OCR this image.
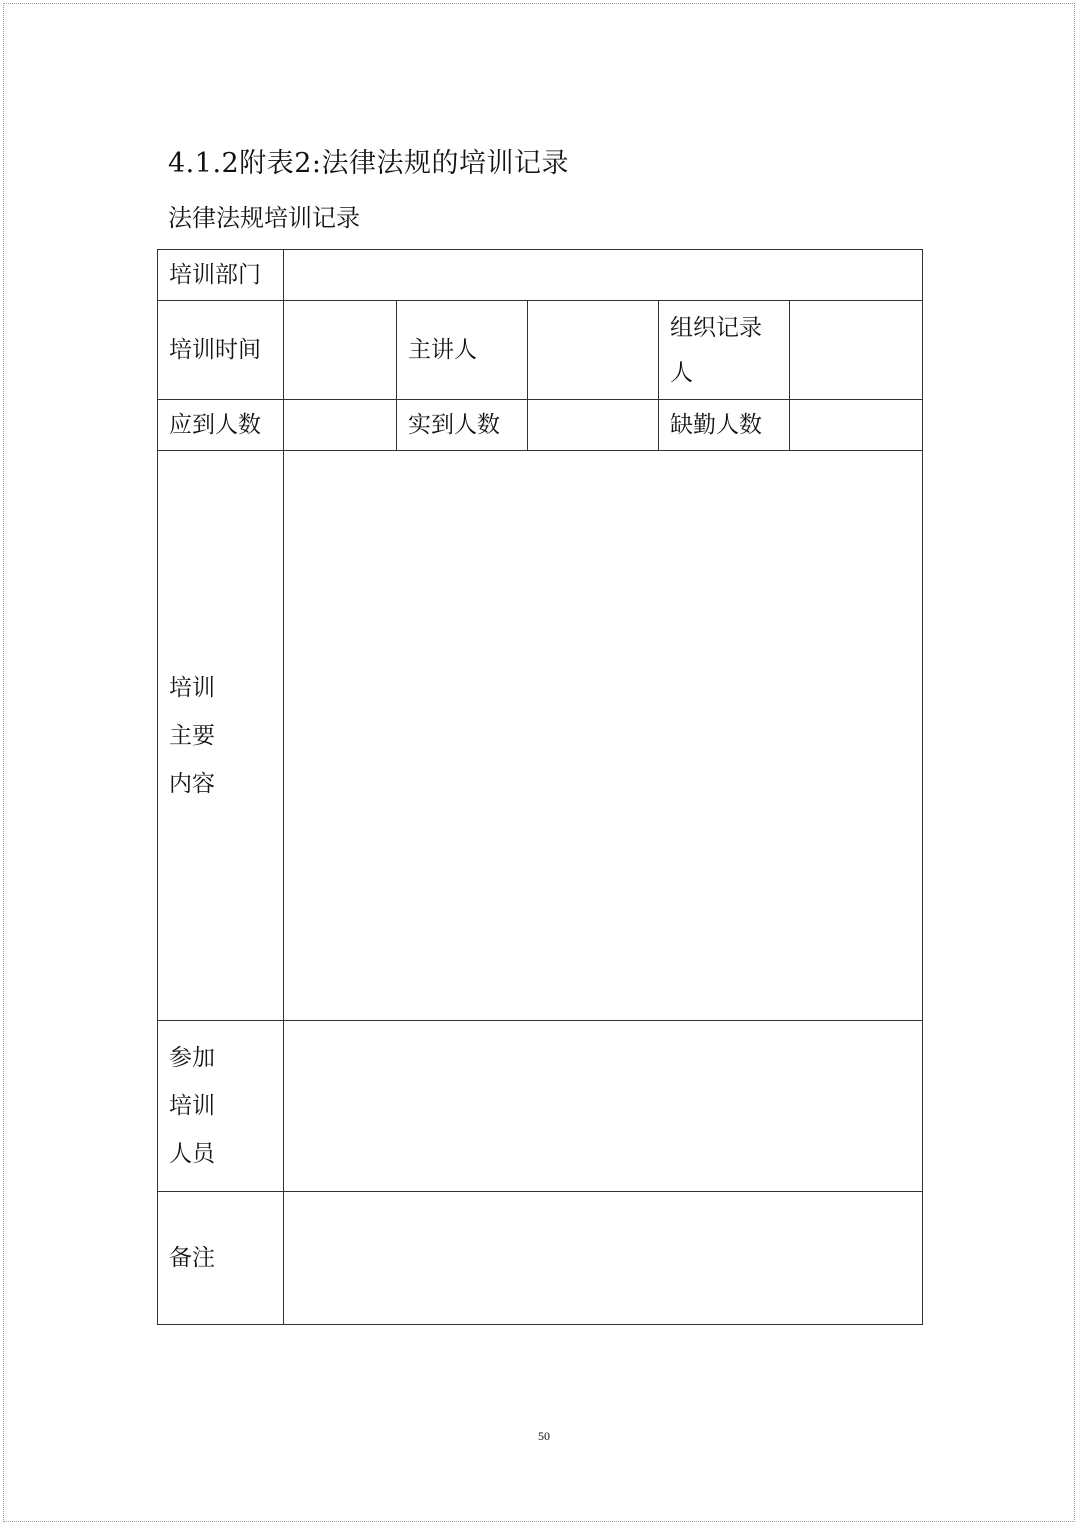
4.1.2附表2:法律法规的培训记录
法律法规培训记录
培训部门					
培训时间		主讲人		组织记录人	

应到人数		实到人数		缺勤人数	

培训主要内容					

参加培训人员					

备注					
50
